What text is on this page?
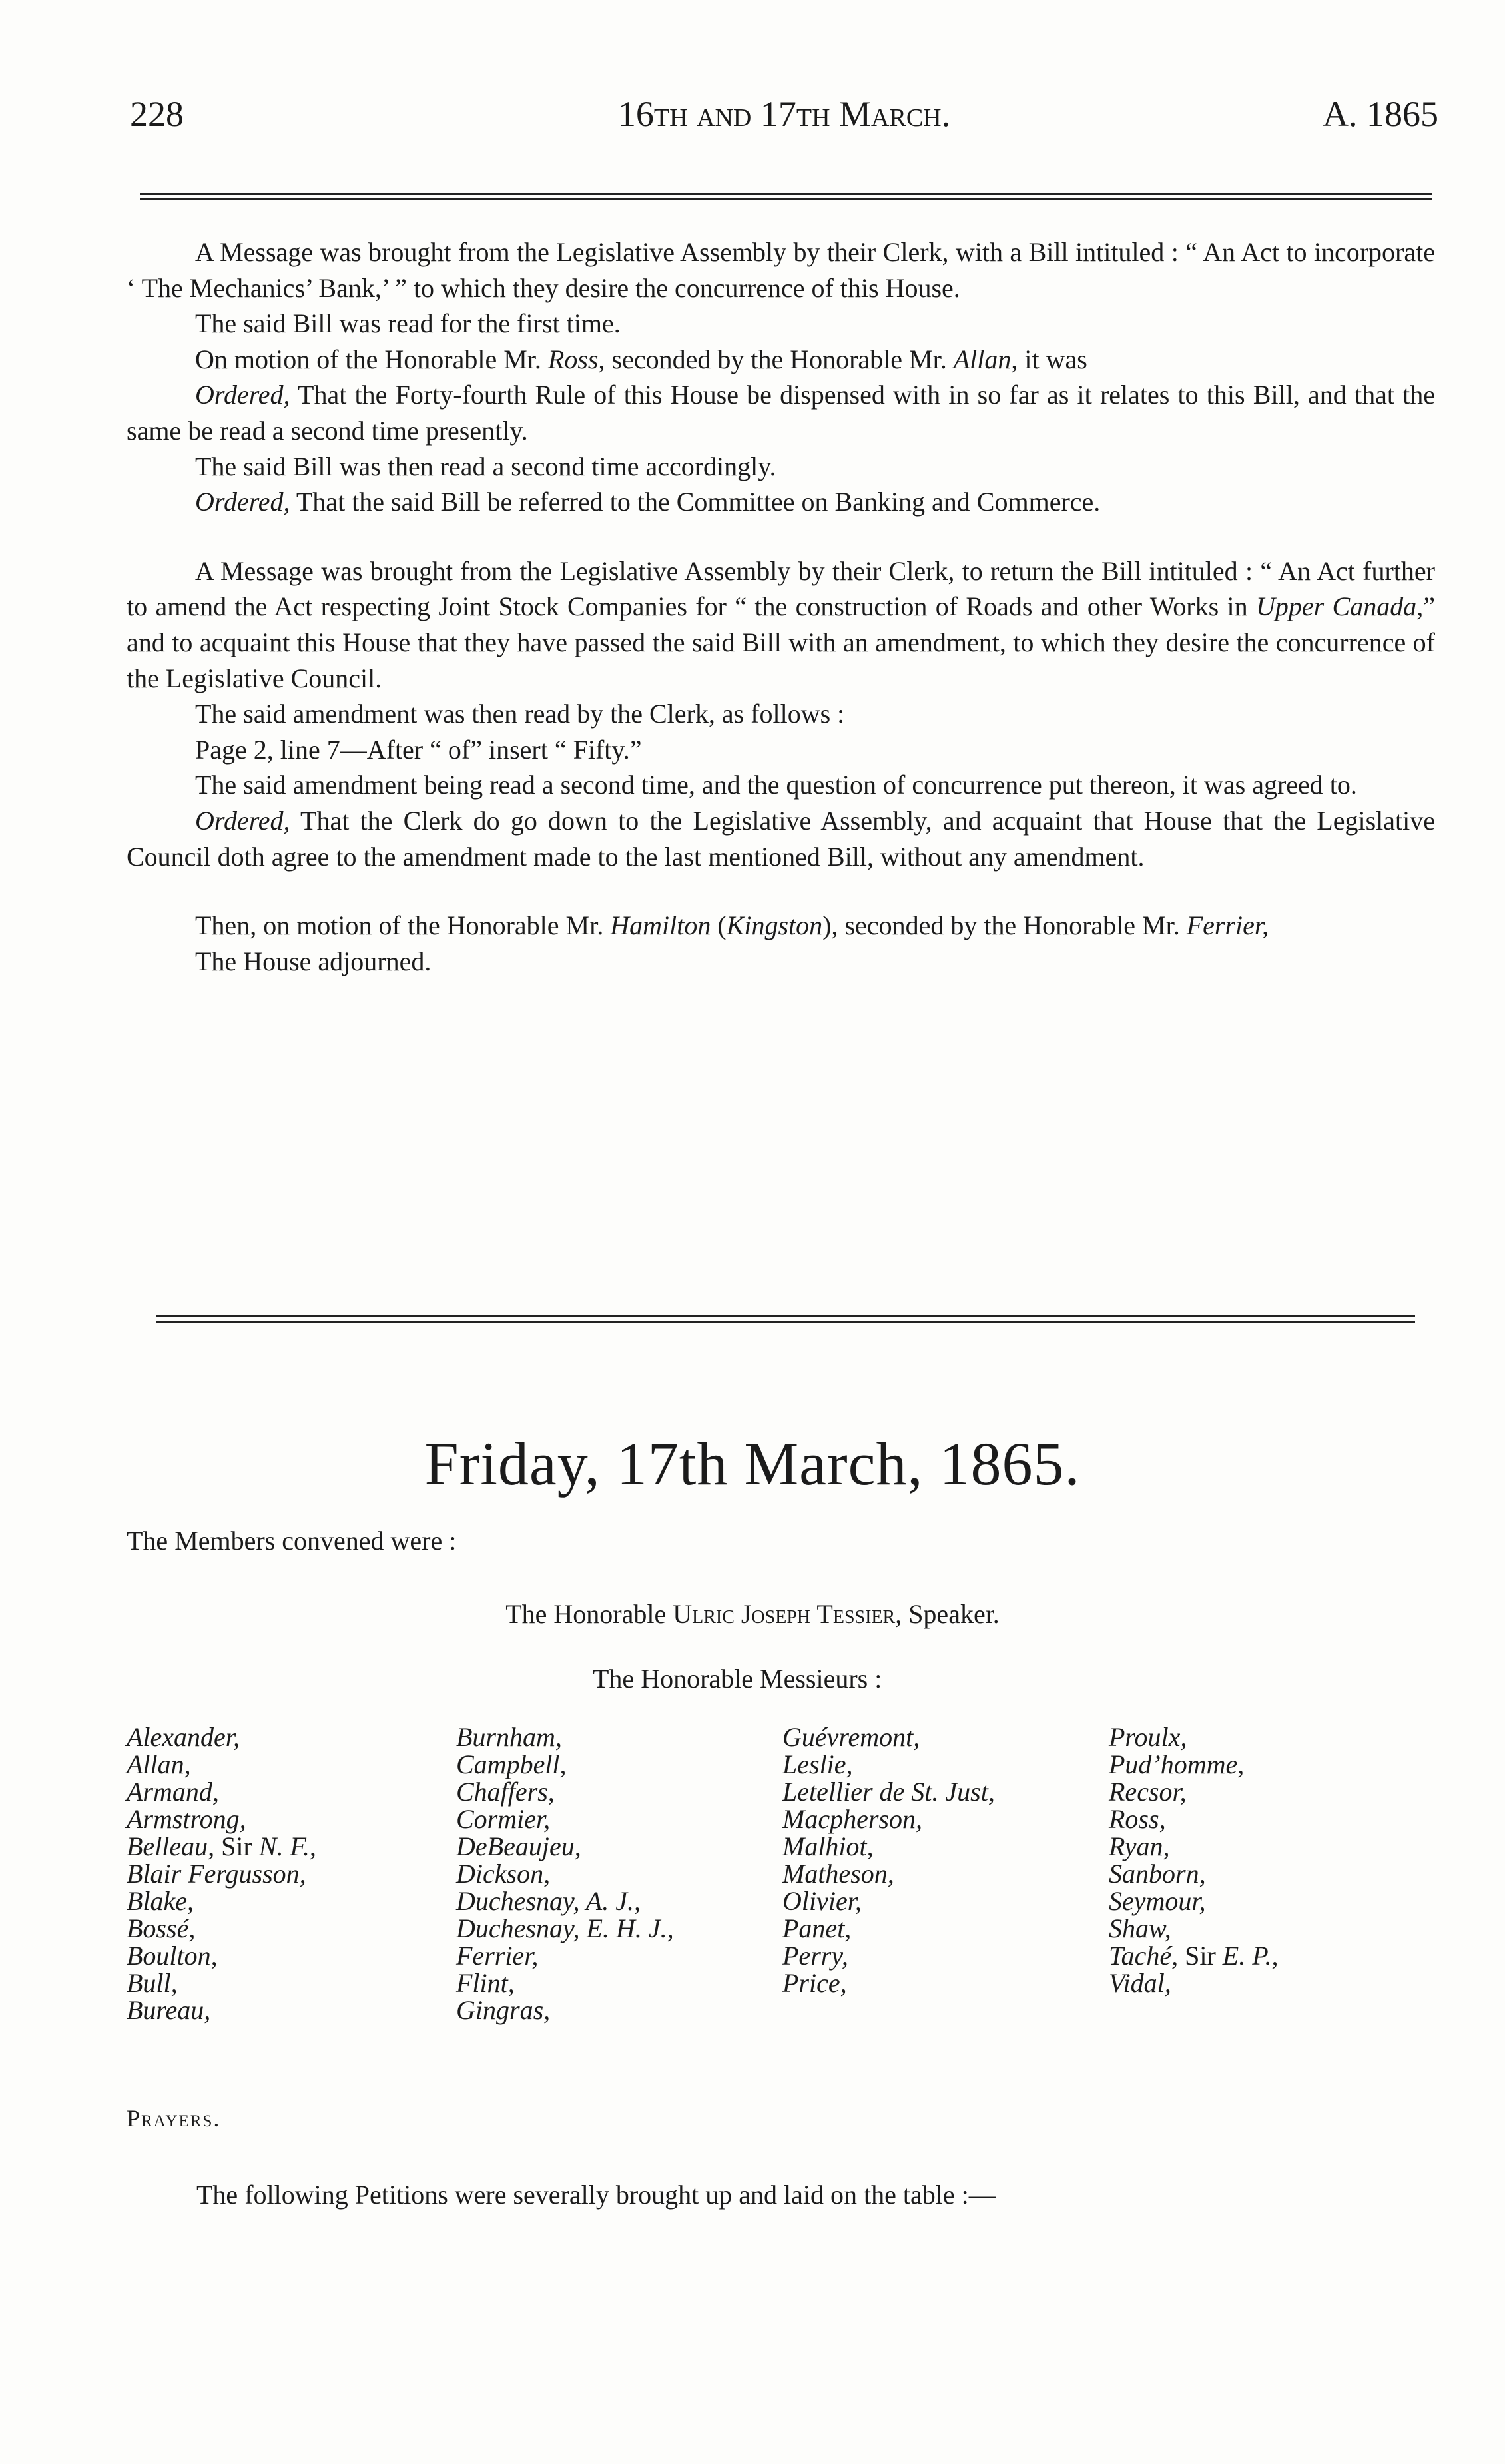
228	16th and 17th March.	A. 1865

A Message was brought from the Legislative Assembly by their Clerk, with a Bill intituled : “ An Act to incorporate ‘ The Mechanics’ Bank,’ ” to which they desire the concurrence of this House.

The said Bill was read for the first time.

On motion of the Honorable Mr. Ross, seconded by the Honorable Mr. Allan, it was

Ordered, That the Forty-fourth Rule of this House be dispensed with in so far as it relates to this Bill, and that the same be read a second time presently.

The said Bill was then read a second time accordingly.

Ordered, That the said Bill be referred to the Committee on Banking and Commerce.

A Message was brought from the Legislative Assembly by their Clerk, to return the Bill intituled : “ An Act further to amend the Act respecting Joint Stock Companies for “ the construction of Roads and other Works in Upper Canada,” and to acquaint this House that they have passed the said Bill with an amendment, to which they desire the concurrence of the Legislative Council.

The said amendment was then read by the Clerk, as follows :

Page 2, line 7—After “ of” insert “ Fifty.”

The said amendment being read a second time, and the question of concurrence put thereon, it was agreed to.

Ordered, That the Clerk do go down to the Legislative Assembly, and acquaint that House that the Legislative Council doth agree to the amendment made to the last mentioned Bill, without any amendment.

Then, on motion of the Honorable Mr. Hamilton (Kingston), seconded by the Honorable Mr. Ferrier,

The House adjourned.

Friday, 17th March, 1865.
The Members convened were :
The Honorable Ulric Joseph Tessier, Speaker.
The Honorable Messieurs :
Alexander,
Allan,
Armand,
Armstrong,
Belleau, Sir N. F.,
Blair Fergusson,
Blake,
Bossé,
Boulton,
Bull,
Bureau,
Burnham,
Campbell,
Chaffers,
Cormier,
DeBeaujeu,
Dickson,
Duchesnay, A. J.,
Duchesnay, E. H. J.,
Ferrier,
Flint,
Gingras,
Guévremont,
Leslie,
Letellier de St. Just,
Macpherson,
Malhiot,
Matheson,
Olivier,
Panet,
Perry,
Price,
Proulx,
Pud’homme,
Recsor,
Ross,
Ryan,
Sanborn,
Seymour,
Shaw,
Taché, Sir E. P.,
Vidal,
Prayers.
The following Petitions were severally brought up and laid on the table :—
